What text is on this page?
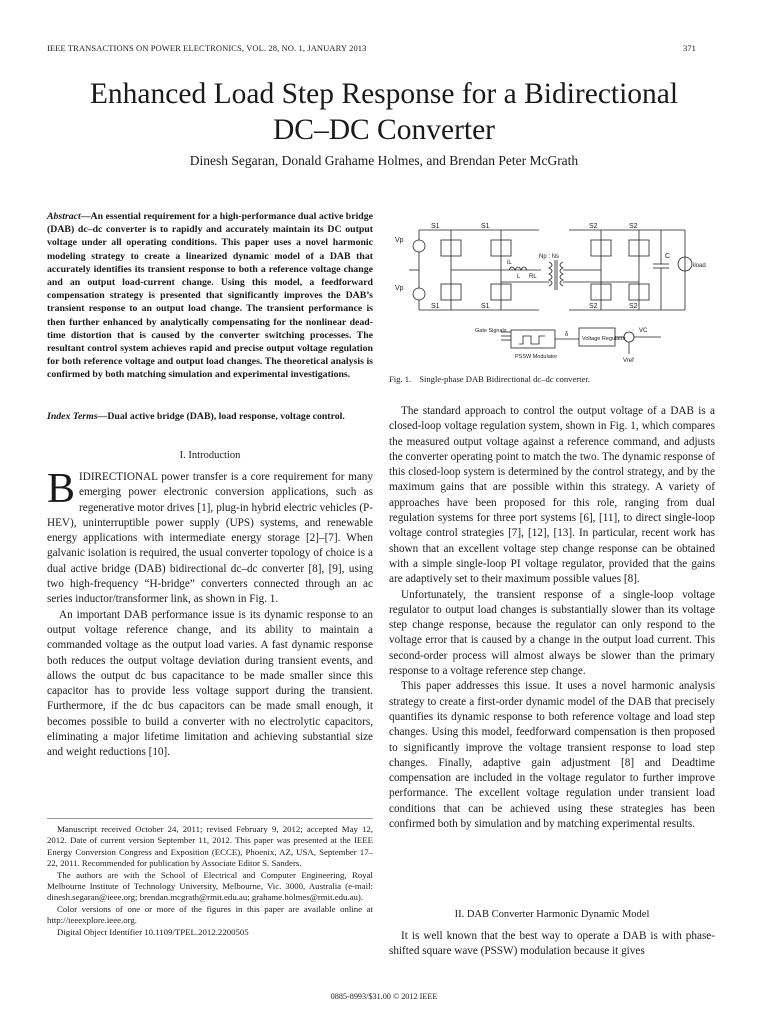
IEEE TRANSACTIONS ON POWER ELECTRONICS, VOL. 28, NO. 1, JANUARY 2013	371
Enhanced Load Step Response for a Bidirectional
DC–DC Converter
Dinesh Segaran, Donald Grahame Holmes, and Brendan Peter McGrath
Abstract—An essential requirement for a high-performance dual active bridge (DAB) dc–dc converter is to rapidly and accurately maintain its DC output voltage under all operating conditions. This paper uses a novel harmonic modeling strategy to create a linearized dynamic model of a DAB that accurately identifies its transient response to both a reference voltage change and an output load-current change. Using this model, a feedforward compensation strategy is presented that significantly improves the DAB’s transient response to an output load change. The transient performance is then further enhanced by analytically compensating for the nonlinear dead-time distortion that is caused by the converter switching processes. The resultant control system achieves rapid and precise output voltage regulation for both reference voltage and output load changes. The theoretical analysis is confirmed by both matching simulation and experimental investigations.
Index Terms—Dual active bridge (DAB), load response, voltage control.
I. Introduction

BIDIRECTIONAL power transfer is a core requirement for many emerging power electronic conversion applications, such as regenerative motor drives [1], plug-in hybrid electric vehicles (P-HEV), uninterruptible power supply (UPS) systems, and renewable energy applications with intermediate energy storage [2]–[7]. When galvanic isolation is required, the usual converter topology of choice is a dual active bridge (DAB) bidirectional dc–dc converter [8], [9], using two high-frequency “H-bridge” converters connected through an ac series inductor/transformer link, as shown in Fig. 1.

An important DAB performance issue is its dynamic response to an output voltage reference change, and its ability to maintain a commanded voltage as the output load varies. A fast dynamic response both reduces the output voltage deviation during transient events, and allows the output dc bus capacitance to be made smaller since this capacitor has to provide less voltage support during the transient. Furthermore, if the dc bus capacitors can be made small enough, it becomes possible to build a converter with no electrolytic capacitors, eliminating a major lifetime limitation and achieving substantial size and weight reductions [10].

Manuscript received October 24, 2011; revised February 9, 2012; accepted May 12, 2012. Date of current version September 11, 2012. This paper was presented at the IEEE Energy Conversion Congress and Exposition (ECCE), Phoenix, AZ, USA, September 17–22, 2011. Recommended for publication by Associate Editor S. Sanders.

The authors are with the School of Electrical and Computer Engineering, Royal Melbourne Institute of Technology University, Melbourne, Vic. 3000, Australia (e-mail: dinesh.segaran@ieee.org; brendan.mcgrath@rmit.edu.au; grahame.holmes@rmit.edu.au).

Color versions of one or more of the figures in this paper are available online at http://ieeexplore.ieee.org.

Digital Object Identifier 10.1109/TPEL.2012.2200505

Vp
Vp
S1	S1
S1	S1
S2	S2
S2	S2
iL
L RL
Np : Ns	C
iload
Gate Signals
PSSW Modulator
δ
Voltage Regulator
VC
Vref
Fig. 1. Single-phase DAB Bidirectional dc–dc converter.

The standard approach to control the output voltage of a DAB is a closed-loop voltage regulation system, shown in Fig. 1, which compares the measured output voltage against a reference command, and adjusts the converter operating point to match the two. The dynamic response of this closed-loop system is determined by the control strategy, and by the maximum gains that are possible within this strategy. A variety of approaches have been proposed for this role, ranging from dual regulation systems for three port systems [6], [11], to direct single-loop voltage control strategies [7], [12], [13]. In particular, recent work has shown that an excellent voltage step change response can be obtained with a simple single-loop PI voltage regulator, provided that the gains are adaptively set to their maximum possible values [8].

Unfortunately, the transient response of a single-loop voltage regulator to output load changes is substantially slower than its voltage step change response, because the regulator can only respond to the voltage error that is caused by a change in the output load current. This second-order process will almost always be slower than the primary response to a voltage reference step change.

This paper addresses this issue. It uses a novel harmonic analysis strategy to create a first-order dynamic model of the DAB that precisely quantifies its dynamic response to both reference voltage and load step changes. Using this model, feedforward compensation is then proposed to significantly improve the voltage transient response to load step changes. Finally, adaptive gain adjustment [8] and Deadtime compensation are included in the voltage regulator to further improve performance. The excellent voltage regulation under transient load conditions that can be achieved using these strategies has been confirmed both by simulation and by matching experimental results.

II. DAB Converter Harmonic Dynamic Model

It is well known that the best way to operate a DAB is with phase-shifted square wave (PSSW) modulation because it gives

0885-8993/$31.00 © 2012 IEEE
